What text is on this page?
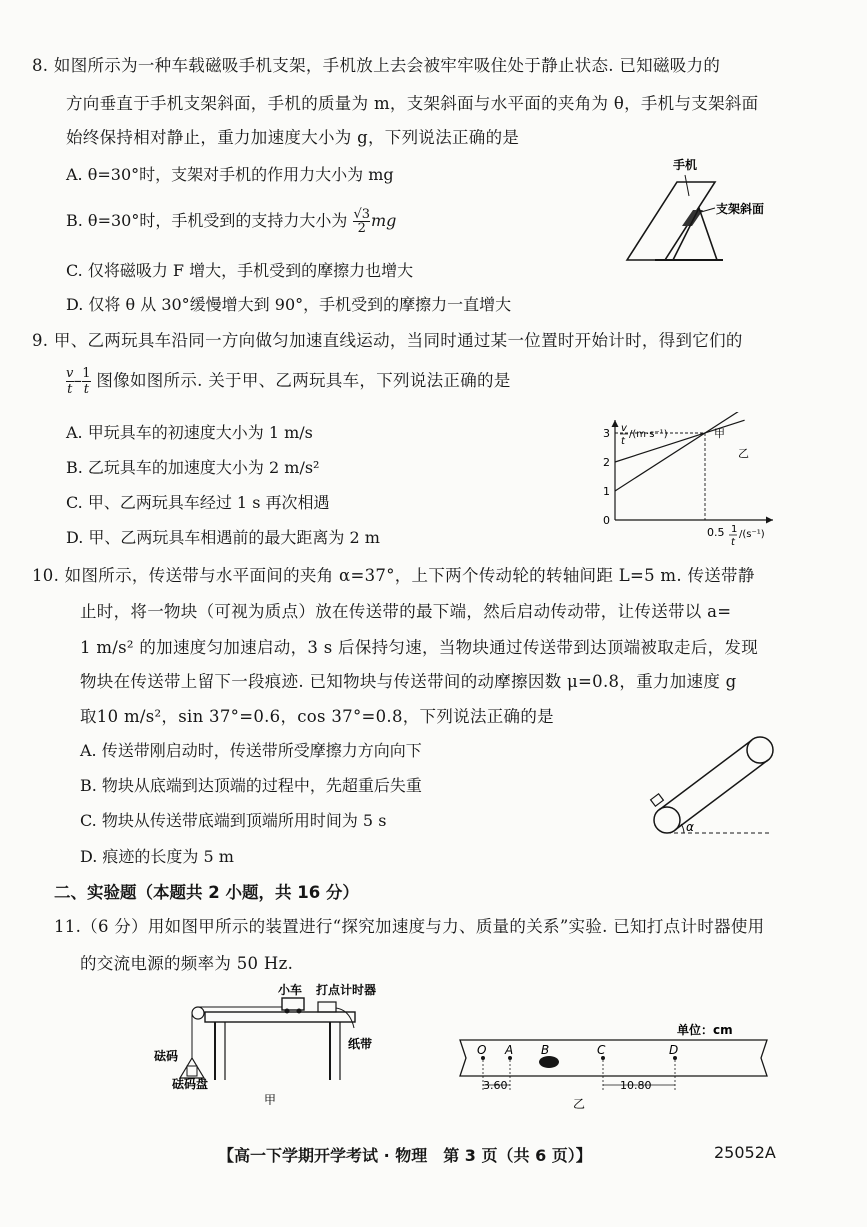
8. 如图所示为一种车载磁吸手机支架，手机放上去会被牢牢吸住处于静止状态. 已知磁吸力的
方向垂直于手机支架斜面，手机的质量为 m，支架斜面与水平面的夹角为 θ，手机与支架斜面
始终保持相对静止，重力加速度大小为 g，下列说法正确的是
A. θ=30°时，支架对手机的作用力大小为 mg
B. θ=30°时，手机受到的支持力大小为 $\frac{√3}{2}$ mg
C. 仅将磁吸力 F 增大，手机受到的摩擦力也增大
D. 仅将 θ 从 30°缓慢增大到 90°，手机受到的摩擦力一直增大
手机
支架斜面
9. 甲、乙两玩具车沿同一方向做匀加速直线运动，当同时通过某一位置时开始计时，得到它们的
$\frac{v}{t} - \frac{1}{t}$ 图像如图所示. 关于甲、乙两玩具车，下列说法正确的是
A. 甲玩具车的初速度大小为 1 m/s
B. 乙玩具车的加速度大小为 2 m/s²
C. 甲、乙两玩具车经过 1 s 再次相遇
D. 甲、乙两玩具车相遇前的最大距离为 2 m
v
t
/(m·s⁻¹)
1
t
/(s⁻¹)
0
1
2
3
0.5
甲
乙
10. 如图所示，传送带与水平面间的夹角 α=37°，上下两个传动轮的转轴间距 L=5 m. 传送带静
止时，将一物块（可视为质点）放在传送带的最下端，然后启动传动带，让传送带以 a=
1 m/s² 的加速度匀加速启动，3 s 后保持匀速，当物块通过传送带到达顶端被取走后，发现
物块在传送带上留下一段痕迹. 已知物块与传送带间的动摩擦因数 μ=0.8，重力加速度 g
取10 m/s²，sin 37°=0.6，cos 37°=0.8，下列说法正确的是
A. 传送带刚启动时，传送带所受摩擦力方向向下
B. 物块从底端到达顶端的过程中，先超重后失重
C. 物块从传送带底端到顶端所用时间为 5 s
D. 痕迹的长度为 5 m
α
二、实验题（本题共 2 小题，共 16 分）
11.（6 分）用如图甲所示的装置进行“探究加速度与力、质量的关系”实验. 已知打点计时器使用
的交流电源的频率为 50 Hz.
小车 打点计时器
纸带
砝码
砝码盘
甲
单位：cm
O A B	C	D
3.60	10.80
乙
【高一下学期开学考试 · 物理　第 3 页（共 6 页）】	25052A
